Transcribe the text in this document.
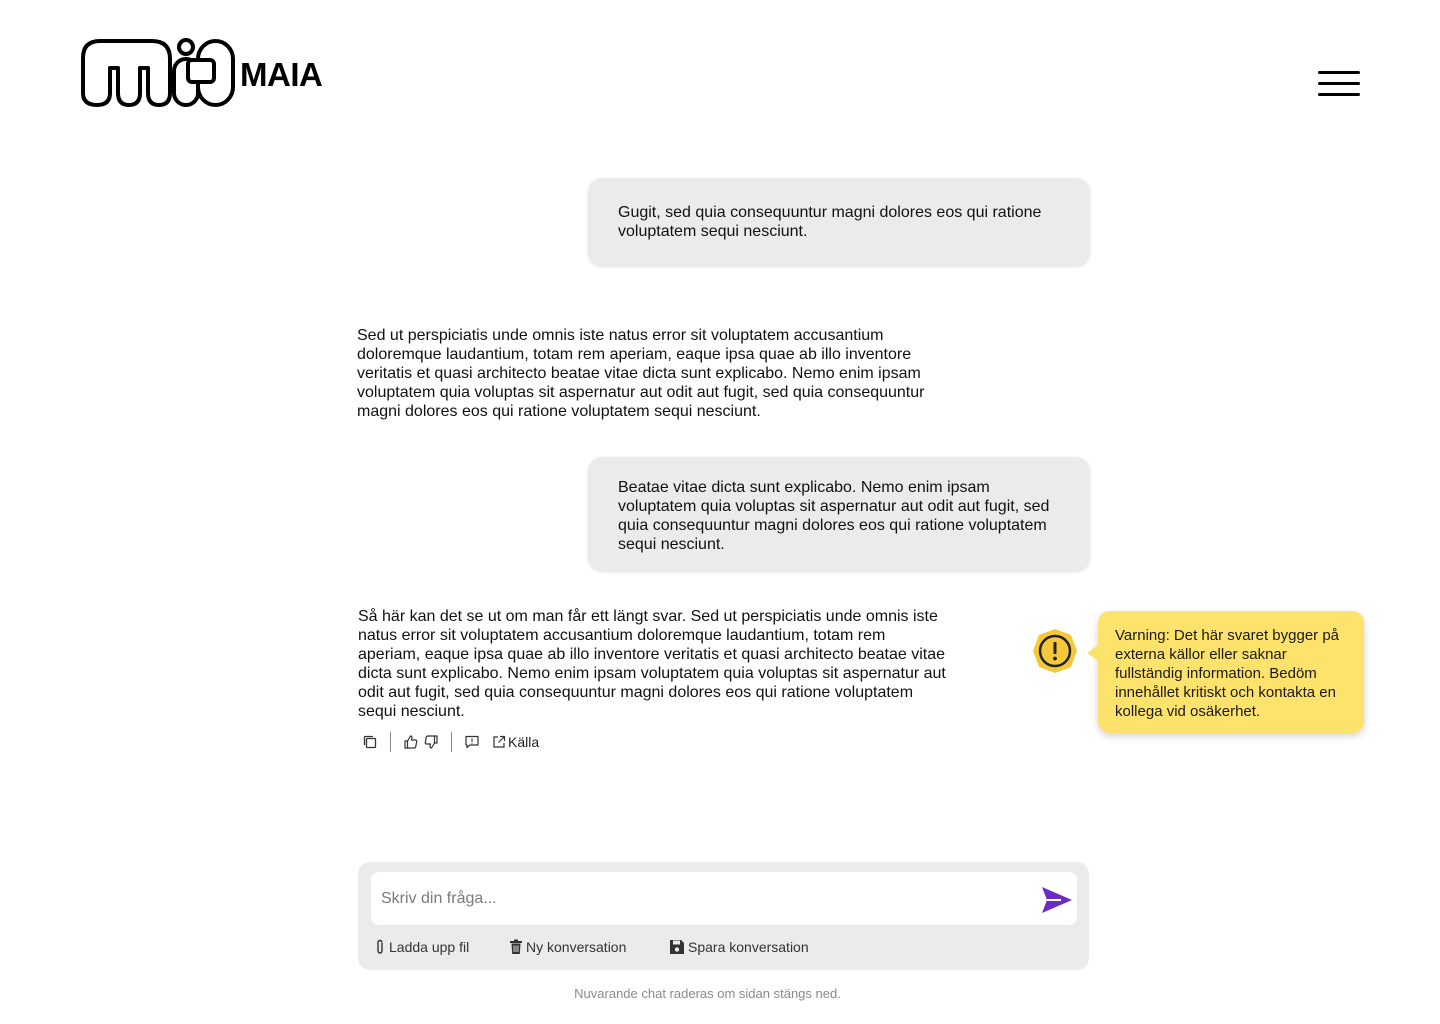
MAIA

Gugit, sed quia consequuntur magni dolores eos qui ratione voluptatem sequi nesciunt.

Sed ut perspiciatis unde omnis iste natus error sit voluptatem accusantium doloremque laudantium, totam rem aperiam, eaque ipsa quae ab illo inventore veritatis et quasi architecto beatae vitae dicta sunt explicabo. Nemo enim ipsam voluptatem quia voluptas sit aspernatur aut odit aut fugit, sed quia consequuntur magni dolores eos qui ratione voluptatem sequi nesciunt.

Beatae vitae dicta sunt explicabo. Nemo enim ipsam voluptatem quia voluptas sit aspernatur aut odit aut fugit, sed quia consequuntur magni dolores eos qui ratione voluptatem sequi nesciunt.

Så här kan det se ut om man får ett längt svar. Sed ut perspiciatis unde omnis iste natus error sit voluptatem accusantium doloremque laudantium, totam rem aperiam, eaque ipsa quae ab illo inventore veritatis et quasi architecto beatae vitae dicta sunt explicabo. Nemo enim ipsam voluptatem quia voluptas sit aspernatur aut odit aut fugit, sed quia consequuntur magni dolores eos qui ratione voluptatem sequi nesciunt.

Källa
Varning: Det här svaret bygger på externa källor eller saknar fullständig information. Bedöm innehållet kritiskt och kontakta en kollega vid osäkerhet.
Skriv din fråga...
Ladda upp fil	Ny konversation	Spara konversation
Nuvarande chat raderas om sidan stängs ned.
